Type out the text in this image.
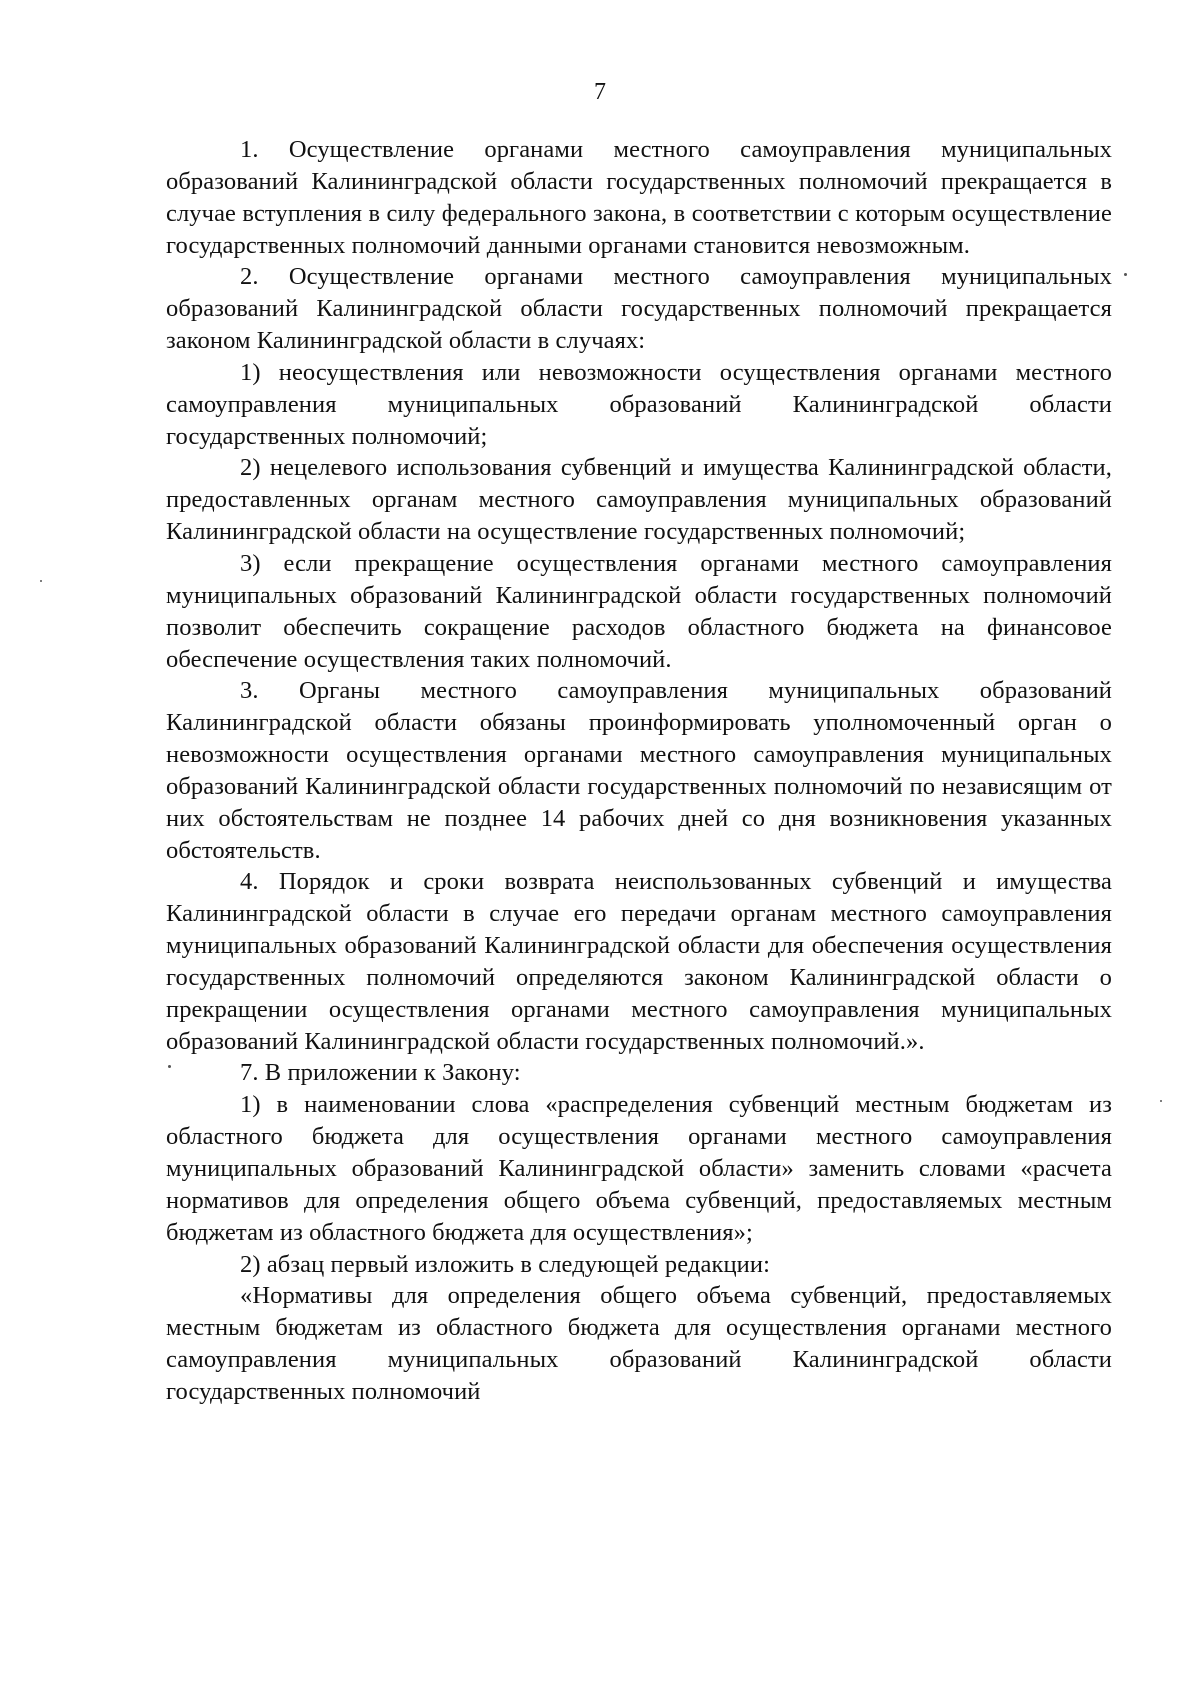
7

1. Осуществление органами местного самоуправления муниципальных образований Калининградской области государственных полномочий прекращается в случае вступления в силу федерального закона, в соответствии с которым осуществление государственных полномочий данными органами становится невозможным.

2. Осуществление органами местного самоуправления муниципальных образований Калининградской области государственных полномочий прекращается законом Калининградской области в случаях:

1) неосуществления или невозможности осуществления органами местного самоуправления муниципальных образований Калининградской области государственных полномочий;

2) нецелевого использования субвенций и имущества Калининградской области, предоставленных органам местного самоуправления муниципальных образований Калининградской области на осуществление государственных полномочий;

3) если прекращение осуществления органами местного самоуправления муниципальных образований Калининградской области государственных полномочий позволит обеспечить сокращение расходов областного бюджета на финансовое обеспечение осуществления таких полномочий.

3. Органы местного самоуправления муниципальных образований Калининградской области обязаны проинформировать уполномоченный орган о невозможности осуществления органами местного самоуправления муниципальных образований Калининградской области государственных полномочий по независящим от них обстоятельствам не позднее 14 рабочих дней со дня возникновения указанных обстоятельств.

4. Порядок и сроки возврата неиспользованных субвенций и имущества Калининградской области в случае его передачи органам местного самоуправления муниципальных образований Калининградской области для обеспечения осуществления государственных полномочий определяются законом Калининградской области о прекращении осуществления органами местного самоуправления муниципальных образований Калининградской области государственных полномочий.».

7. В приложении к Закону:

1) в наименовании слова «распределения субвенций местным бюджетам из областного бюджета для осуществления органами местного самоуправления муниципальных образований Калининградской области» заменить словами «расчета нормативов для определения общего объема субвенций, предоставляемых местным бюджетам из областного бюджета для осуществления»;

2) абзац первый изложить в следующей редакции:

«Нормативы для определения общего объема субвенций, предоставляемых местным бюджетам из областного бюджета для осуществления органами местного самоуправления муниципальных образований Калининградской области государственных полномочий
